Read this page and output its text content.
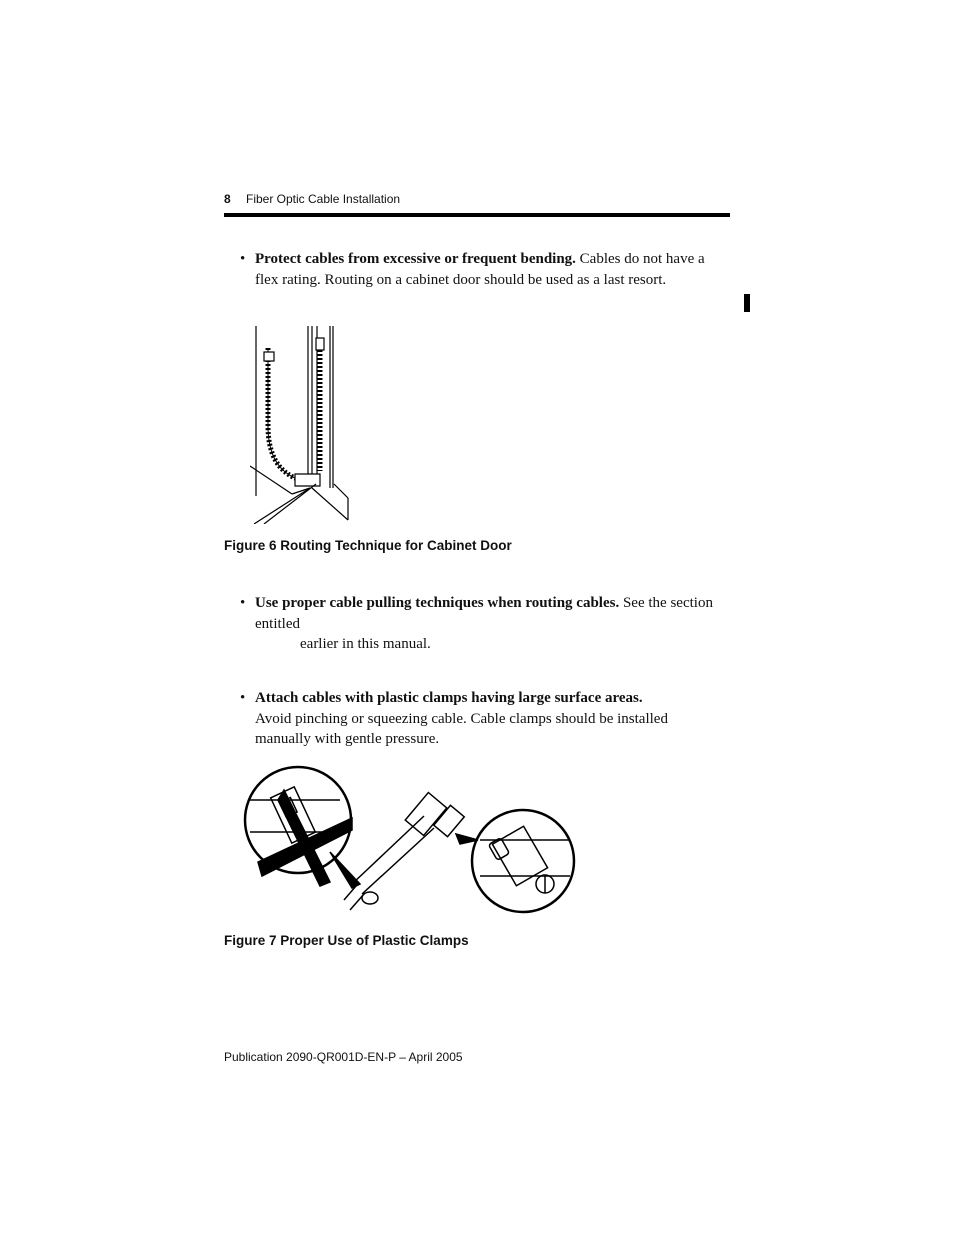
8 Fiber Optic Cable Installation
• Protect cables from excessive or frequent bending. Cables do not have a flex rating. Routing on a cabinet door should be used as a last resort.

Figure 6 Routing Technique for Cabinet Door
• Use proper cable pulling techniques when routing cables. See the section entitled
earlier in this manual.

• Attach cables with plastic clamps having large surface areas.
Avoid pinching or squeezing cable. Cable clamps should be installed manually with gentle pressure.

Figure 7 Proper Use of Plastic Clamps
Publication 2090-QR001D-EN-P – April 2005
